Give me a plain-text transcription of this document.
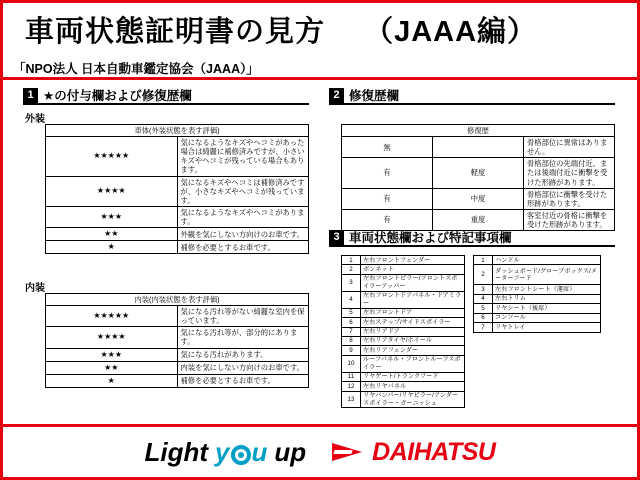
車両状態証明書の見方 （JAAA編）
「NPO法人 日本自動車鑑定協会（JAAA）」
1 ★の付与欄および修復歴欄
外装
車体(外装状態を表す評価)	
★★★★★	気になるようなキズやヘコミがあった場合は綺麗に補修済みですが、小さいキズやヘコミが残っている場合もあります。
★★★★	気になるキズやヘコミは補修済みですが、小さなキズやヘコミが残っています。
★★★	気になるようなキズやヘコミがあります。
★★	外観を気にしない方向けのお車です。
★	補修を必要とするお車です。
内装
内装(内装状態を表す評価)	
★★★★★	気になる汚れ等がない綺麗な室内を保っています。
★★★★	気になる汚れ等が、部分的にあります。
★★★	気になる汚れがあります。
★★	内装を気にしない方向けのお車です。
★	補修を必要とするお車です。
2 修復歴欄
修復歴		
無		骨格部位に異常はありません。
有	軽度	骨格部位の先端付近、または後端付近に衝撃を受けた形跡があります。
有	中度	骨格部位に衝撃を受けた形跡があります。
有	重度	客室付近の骨格に衝撃を受けた形跡があります。
3 車両状態欄および特記事項欄
1	左右フロントフェンダー
2	ボンネット
3	左右フロントピラー/フロントスポイラーアッパー
4	左右フロントドアパネル・ドアミラー
5	左右フロントドア
6	左右ステップ/サイドスポイラー
7	左右リアドア
8	左右リアタイヤ/ホイール
9	左右リアフェンダー
10	ルーフパネル・フロントルーフスポイラー
11	リヤゲート/トランクフード
12	左右リヤパネル
13	リヤバンパー/リヤピラー/アンダースポイラー・ガーニッシュ
1	ハンドル
2	ダッシュボード/グローブボックス/メーターフード
3	左右フロントシート（運席）
4	左右トリム
5	リヤシート（後席）
6	コンソール
7	リヤトレイ
Light y u up	DAIHATSU
